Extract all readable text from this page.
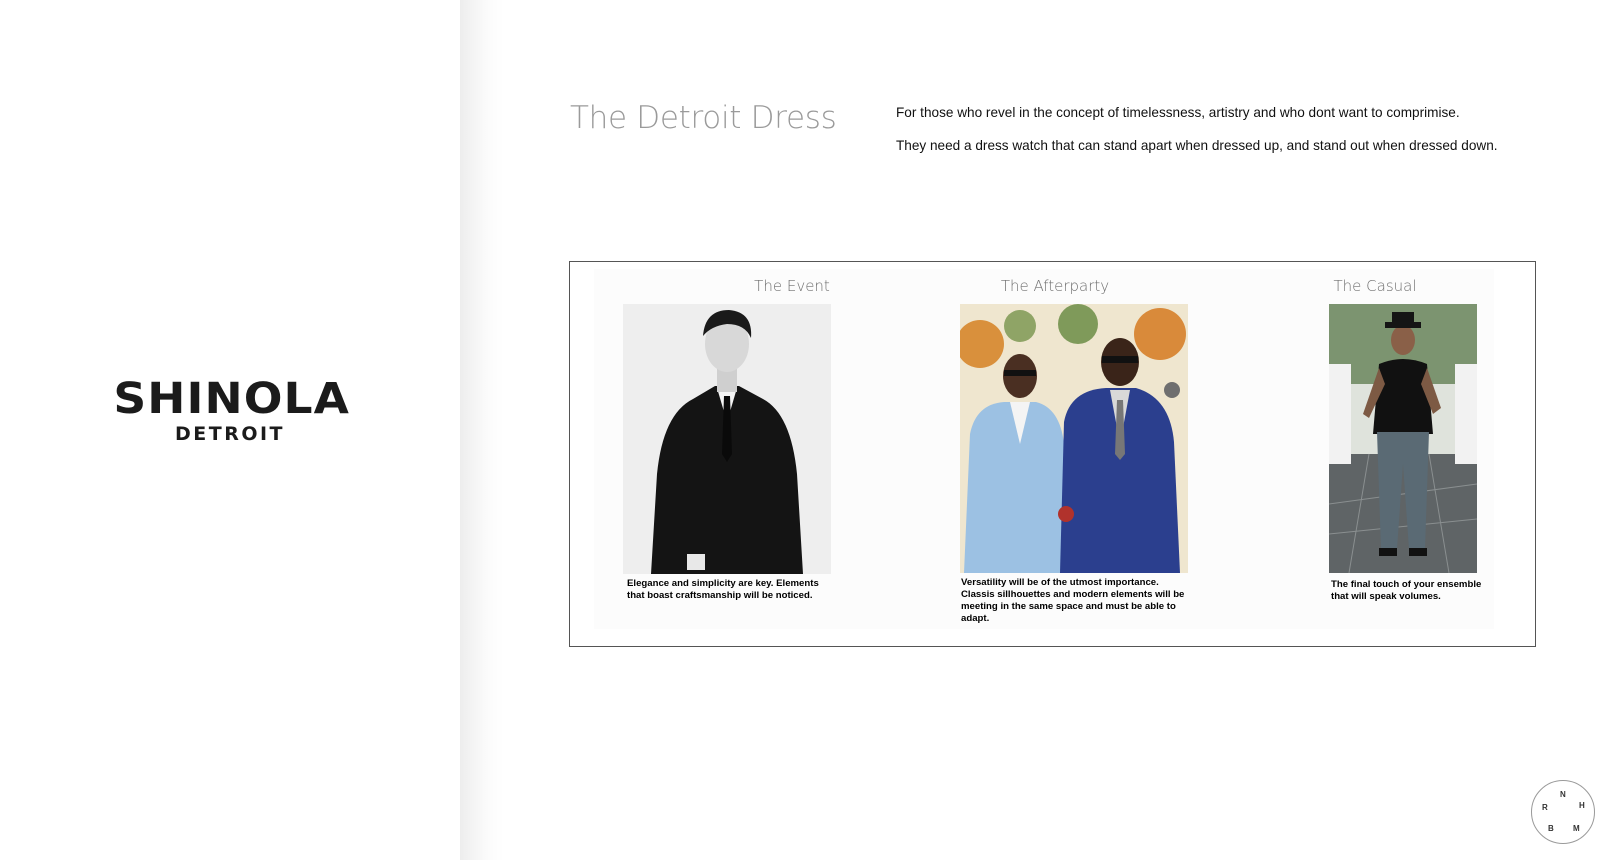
SHINOLA
DETROIT
The Detroit Dress	For those who revel in the concept of timelessness, artistry and who dont want to comprimise.

They need a dress watch that can stand apart when dressed up, and stand out when dressed down.

The Event
Elegance and simplicity are key. Elements that boast craftsmanship will be noticed.
The Afterparty
Versatility will be of the utmost importance. Classis sillhouettes and modern elements will be meeting in the same space and must be able to adapt.
The Casual
The final touch of your ensemble that will speak volumes.
N
H
M
B
R
